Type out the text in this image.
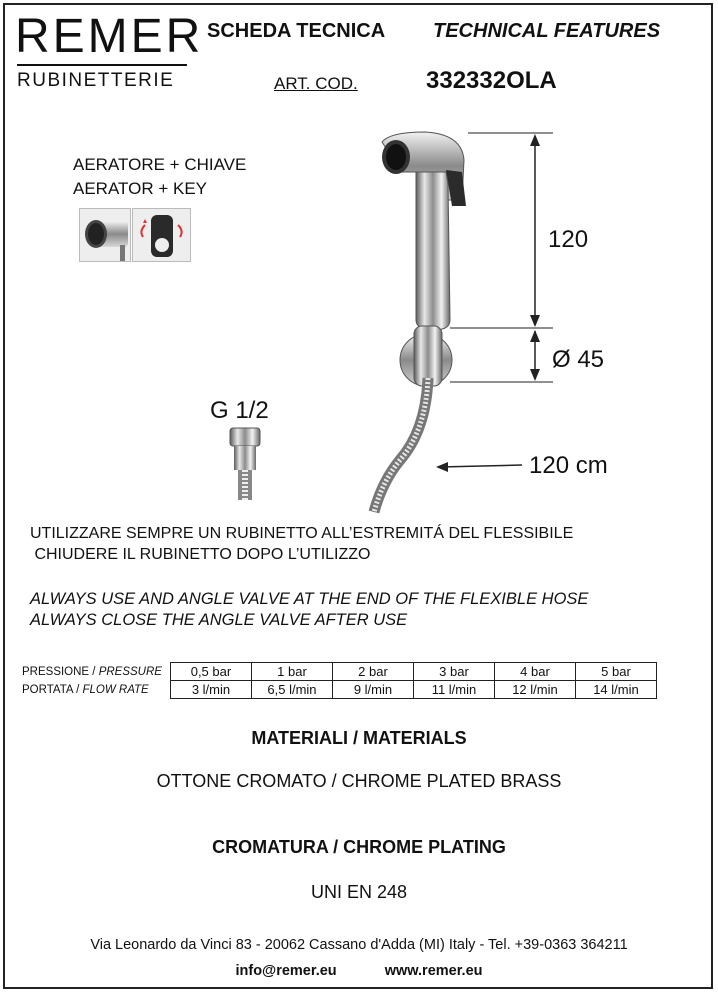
REMER
RUBINETTERIE
SCHEDA TECNICA TECHNICAL FEATURES
ART. COD.	332332OLA
AERATORE + CHIAVE
AERATOR + KEY
120
Ø 45
G 1/2
120 cm
UTILIZZARE SEMPRE UN RUBINETTO ALL’ESTREMITÁ DEL FLESSIBILE
CHIUDERE IL RUBINETTO DOPO L’UTILIZZO
ALWAYS USE AND ANGLE VALVE AT THE END OF THE FLEXIBLE HOSE
ALWAYS CLOSE THE ANGLE VALVE AFTER USE
PRESSIONE / PRESSURE	0,5 bar	1 bar	2 bar	3 bar	4 bar	5 bar
PORTATA / FLOW RATE	3 l/min	6,5 l/min	9 l/min	11 l/min	12 l/min	14 l/min
MATERIALI / MATERIALS
OTTONE CROMATO / CHROME PLATED BRASS
CROMATURA / CHROME PLATING
UNI EN 248
Via Leonardo da Vinci 83 - 20062 Cassano d'Adda (MI) Italy - Tel. +39-0363 364211
info@remer.eu	www.remer.eu
